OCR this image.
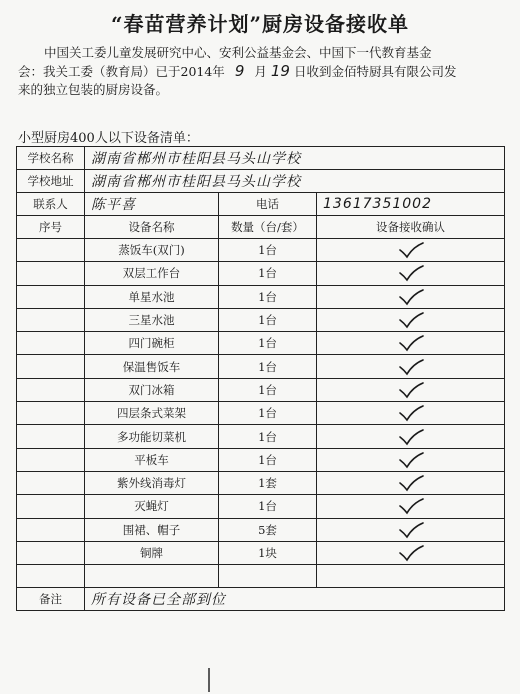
“春苗营养计划”厨房设备接收单
中国关工委儿童发展研究中心、安利公益基金会、中国下一代教育基金
会：我关工委（教育局）已于2014年 9 月 19 日收到金佰特厨具有限公司发
来的独立包装的厨房设备。
小型厨房400人以下设备清单：
学校名称	湖南省郴州市桂阳县马头山学校		
学校地址	湖南省郴州市桂阳县马头山学校		
联系人	陈平喜	电话	13617351002
序号	设备名称	数量（台/套）	设备接收确认
	蒸饭车(双门)	1台	

	双层工作台	1台	

	单星水池	1台	

	三星水池	1台	

	四门碗柜	1台	

	保温售饭车	1台	

	双门冰箱	1台	

	四层条式菜架	1台	

	多功能切菜机	1台	

	平板车	1台	

	紫外线消毒灯	1套	

	灭蝇灯	1台	

	围裙、帽子	5套	

	铜牌	1块	

备注	所有设备已全部到位		
